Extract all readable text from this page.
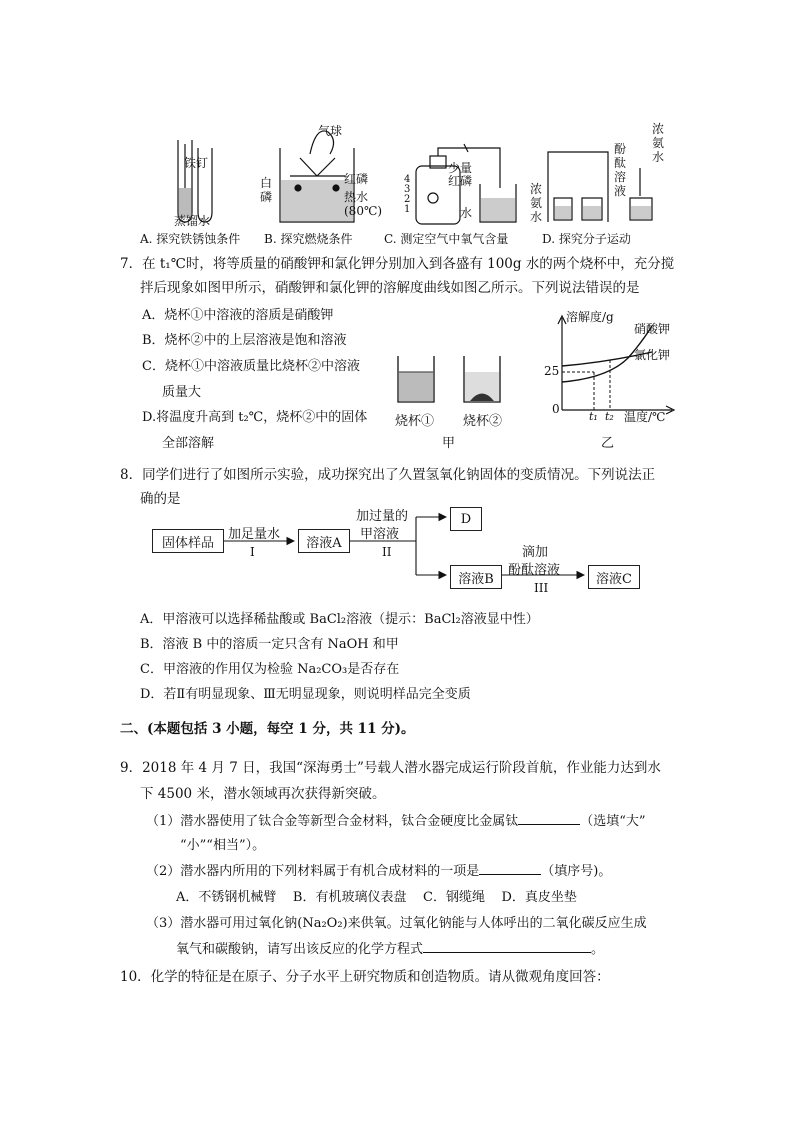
铁钉
蒸馏水
气球
白磷
红磷
热水
(80℃)
少量红磷
水
4
3
2
1
浓氨水
酚酞溶液
浓氨水
A. 探究铁锈蚀条件 B. 探究燃烧条件	C. 测定空气中氧气含量	D. 探究分子运动
7．在 t₁℃时，将等质量的硝酸钾和氯化钾分别加入到各盛有 100g 水的两个烧杯中，充分搅
拌后现象如图甲所示，硝酸钾和氯化钾的溶解度曲线如图乙所示。下列说法错误的是
A．烧杯①中溶液的溶质是硝酸钾
B．烧杯②中的上层溶液是饱和溶液
C．烧杯①中溶液质量比烧杯②中溶液
质量大
D.将温度升高到 t₂℃，烧杯②中的固体
全部溶解
烧杯① 烧杯②
甲
溶解度/g
25
0
t₁ t₂ 温度/℃
硝酸钾
氯化钾
乙
8．同学们进行了如图所示实验，成功探究出了久置氢氧化钠固体的变质情况。下列说法正
确的是
固体样品
加足量水
I
溶液A
加过量的
甲溶液
II
D
溶液B
滴加
酚酞溶液
III
溶液C
A．甲溶液可以选择稀盐酸或 BaCl₂溶液（提示：BaCl₂溶液显中性）
B．溶液 B 中的溶质一定只含有 NaOH 和甲
C．甲溶液的作用仅为检验 Na₂CO₃是否存在
D．若Ⅱ有明显现象、Ⅲ无明显现象，则说明样品完全变质
二、(本题包括 3 小题，每空 1 分，共 11 分)。
9．2018 年 4 月 7 日，我国“深海勇士”号载人潜水器完成运行阶段首航，作业能力达到水
下 4500 米，潜水领域再次获得新突破。
（1）潜水器使用了钛合金等新型合金材料，钛合金硬度比金属钛	（选填“大”
“小”“相当”）。
（2）潜水器内所用的下列材料属于有机合成材料的一项是	（填序号)。
A．不锈钢机械臂    B．有机玻璃仪表盘    C．钢缆绳    D．真皮坐垫
（3）潜水器可用过氧化钠(Na₂O₂)来供氧。过氧化钠能与人体呼出的二氧化碳反应生成
氧气和碳酸钠，请写出该反应的化学方程式	。
10．化学的特征是在原子、分子水平上研究物质和创造物质。请从微观角度回答：
